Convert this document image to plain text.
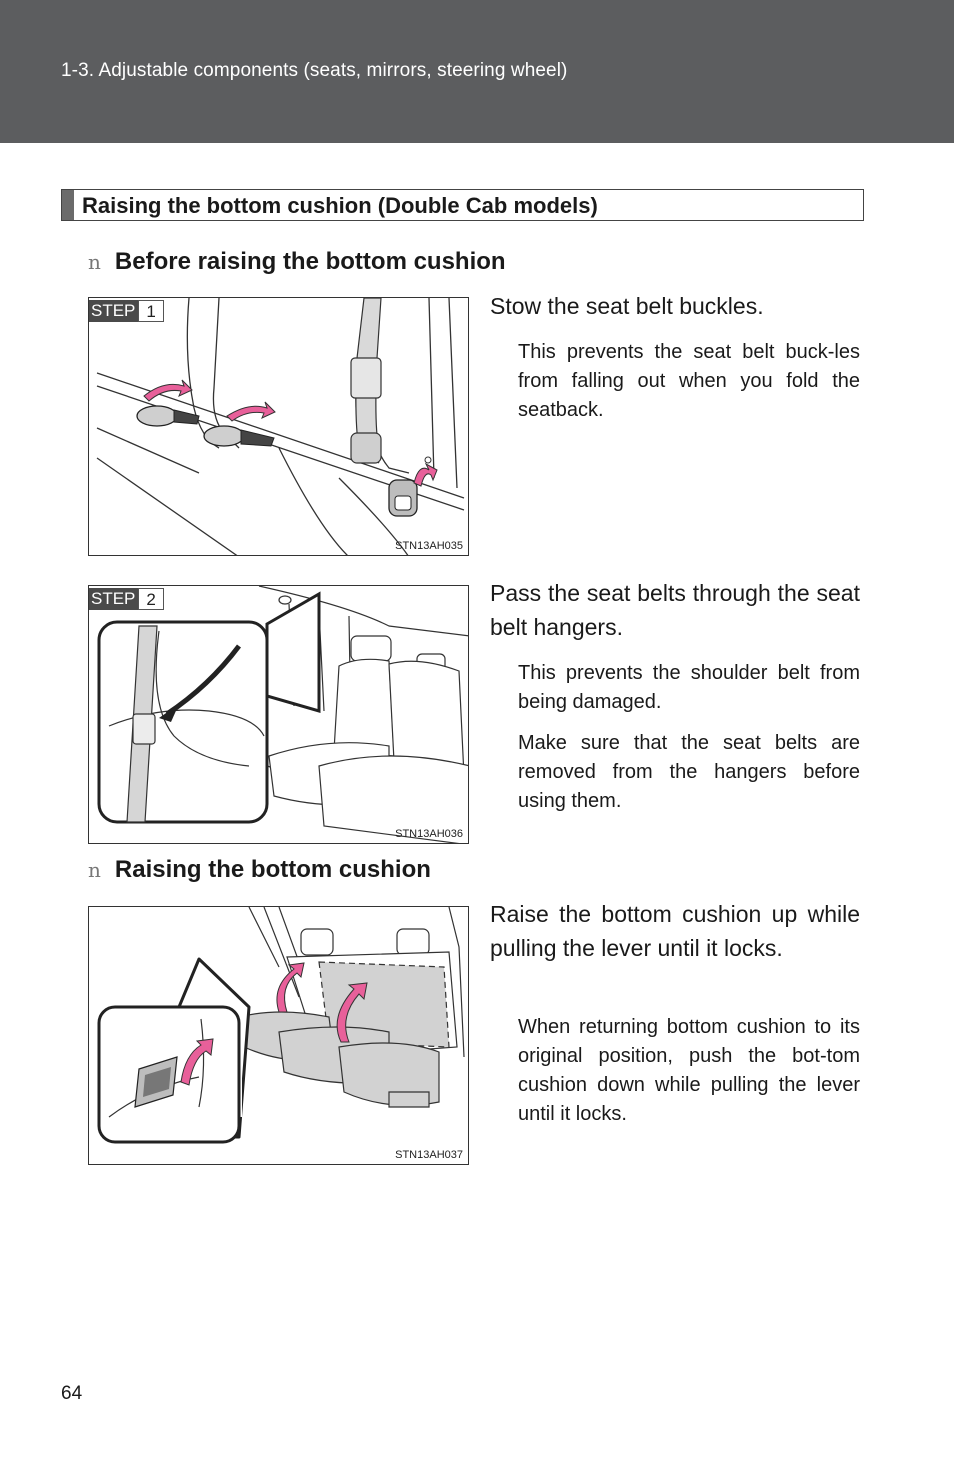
1-3. Adjustable components (seats, mirrors, steering wheel)
Raising the bottom cushion (Double Cab models)
n Before raising the bottom cushion
STEP 1
STN13AH035
Stow the seat belt buckles.
This prevents the seat belt buck-les from falling out when you fold the seatback.
STEP 2
STN13AH036
Pass the seat belts through the seat belt hangers.
This prevents the shoulder belt from being damaged.
Make sure that the seat belts are removed from the hangers before using them.
n Raising the bottom cushion
STN13AH037
Raise the bottom cushion up while pulling the lever until it locks.
When returning bottom cushion to its original position, push the bot-tom cushion down while pulling the lever until it locks.
64
